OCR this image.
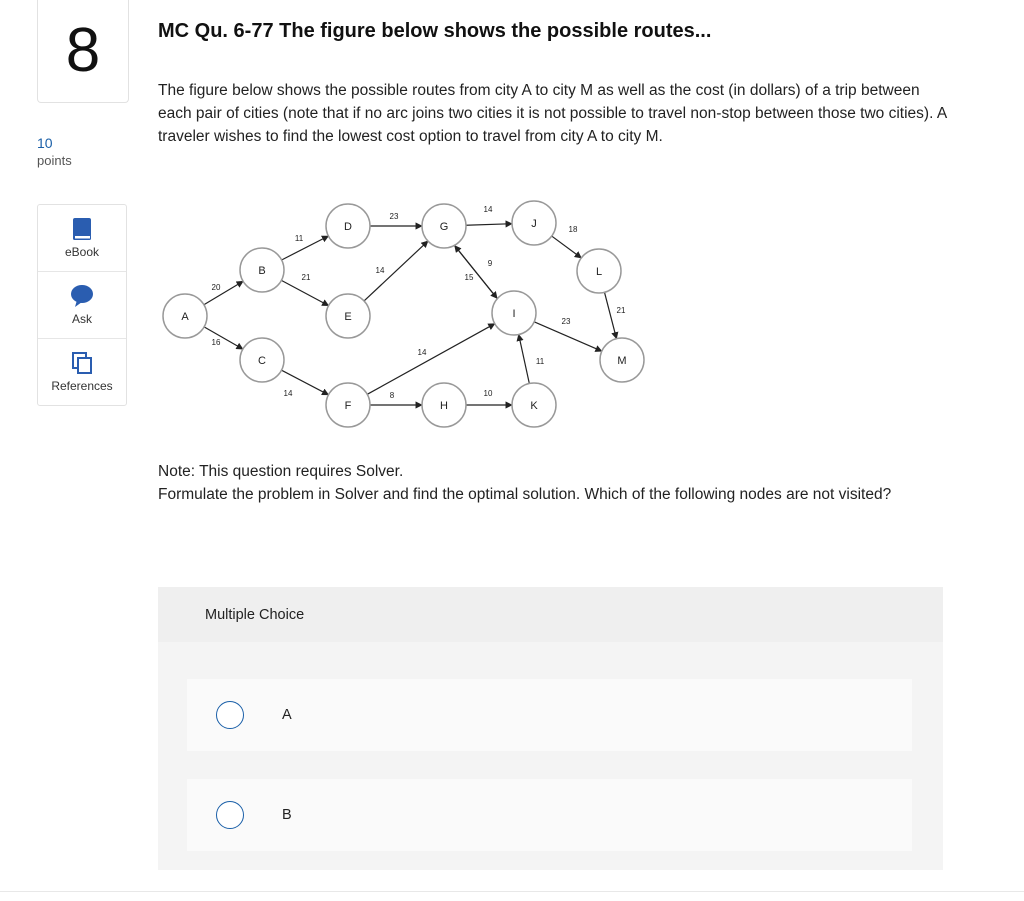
8
10
points
eBook
Ask
References
MC Qu. 6-77 The figure below shows the possible routes...
The figure below shows the possible routes from city A to city M as well as the cost (in dollars) of a trip between each pair of cities (note that if no arc joins two cities it is not possible to travel non-stop between those two cities). A traveler wishes to find the lowest cost option to travel from city A to city M.
20
16
11
21
14
23
14
8
14
14
9
15
10
11
18
23
21
A
B
C
D
E
F
G
H
I
J
K
L
M
Note: This question requires Solver.
Formulate the problem in Solver and find the optimal solution. Which of the following nodes are not visited?
Multiple Choice
A
B
